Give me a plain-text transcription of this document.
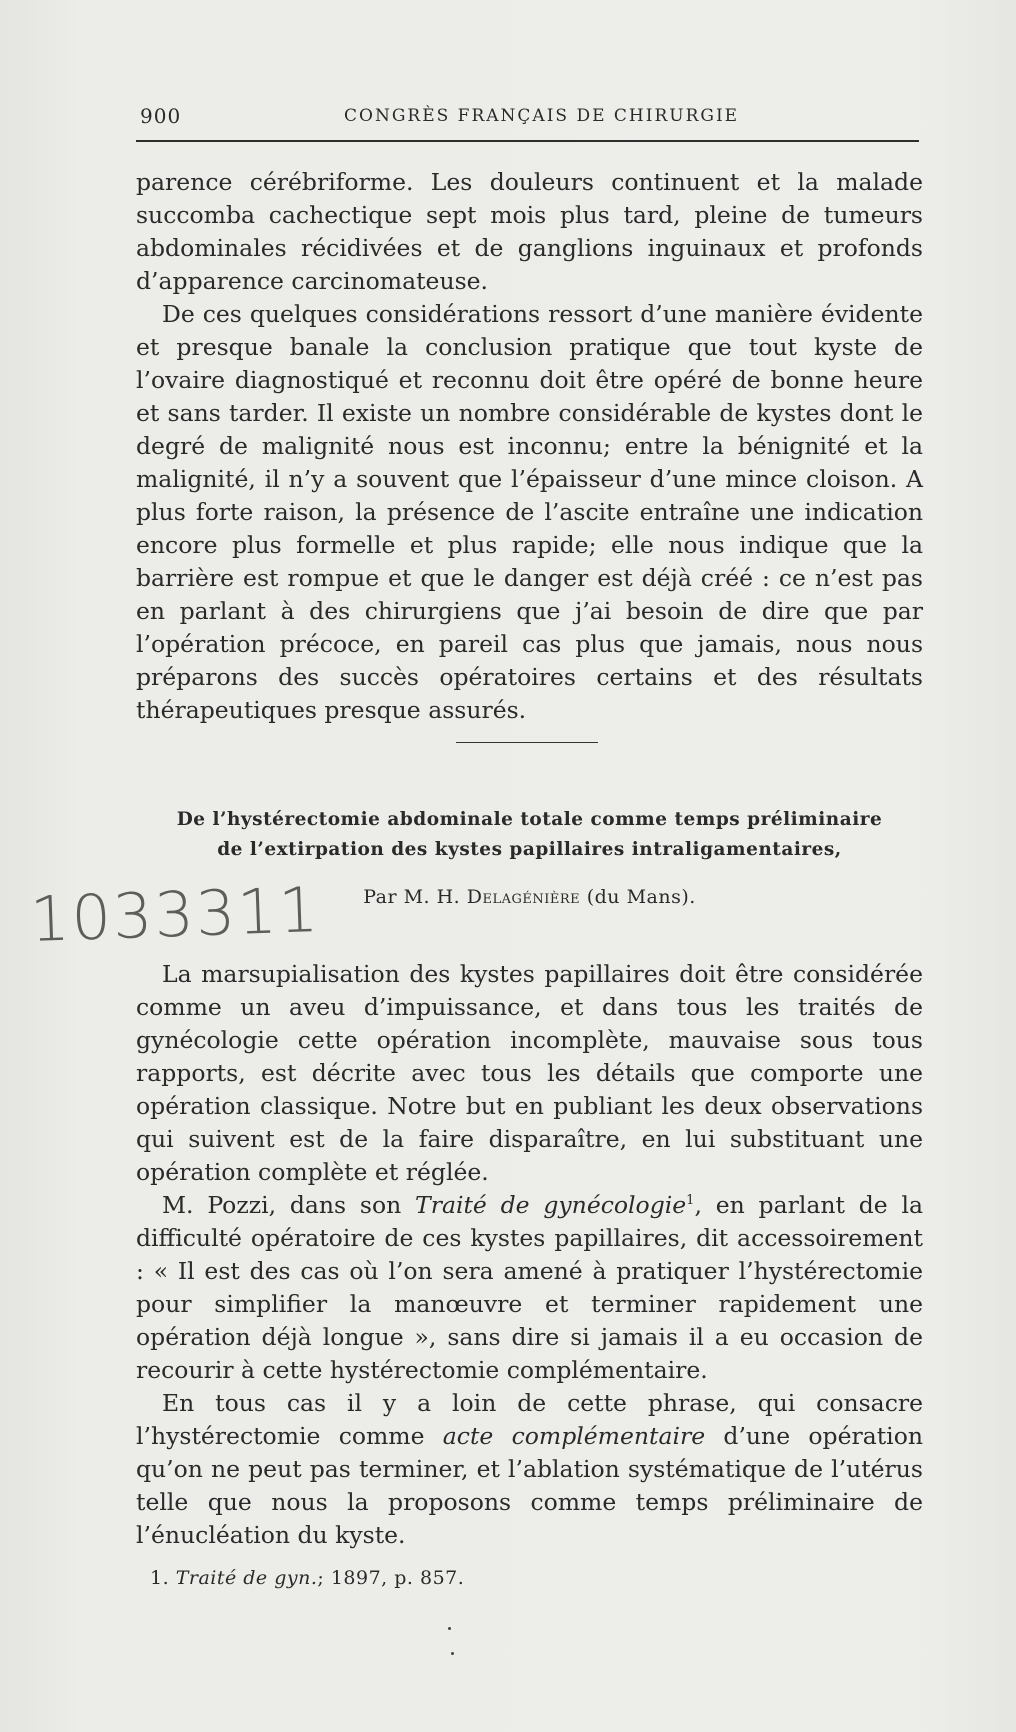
900	CONGRÈS FRANÇAIS DE CHIRURGIE

parence cérébriforme. Les douleurs continuent et la malade succomba cachectique sept mois plus tard, pleine de tumeurs abdominales récidivées et de ganglions inguinaux et profonds d’apparence carcinomateuse.

De ces quelques considérations ressort d’une manière évidente et presque banale la conclusion pratique que tout kyste de l’ovaire diagnostiqué et reconnu doit être opéré de bonne heure et sans tarder. Il existe un nombre considérable de kystes dont le degré de malignité nous est inconnu; entre la bénignité et la malignité, il n’y a souvent que l’épaisseur d’une mince cloison. A plus forte raison, la présence de l’ascite entraîne une indication encore plus formelle et plus rapide; elle nous indique que la barrière est rompue et que le danger est déjà créé : ce n’est pas en parlant à des chirurgiens que j’ai besoin de dire que par l’opération précoce, en pareil cas plus que jamais, nous nous préparons des succès opératoires certains et des résultats thérapeutiques presque assurés.

De l’hystérectomie abdominale totale comme temps préliminaire
de l’extirpation des kystes papillaires intraligamentaires,
Par M. H. Delagénière (du Mans).
1033311

La marsupialisation des kystes papillaires doit être considérée comme un aveu d’impuissance, et dans tous les traités de gynécologie cette opération incomplète, mauvaise sous tous rapports, est décrite avec tous les détails que comporte une opération classique. Notre but en publiant les deux observations qui suivent est de la faire disparaître, en lui substituant une opération complète et réglée.

M. Pozzi, dans son Traité de gynécologie$^1$, en parlant de la difficulté opératoire de ces kystes papillaires, dit accessoirement : « Il est des cas où l’on sera amené à pratiquer l’hystérectomie pour simplifier la manœuvre et terminer rapidement une opération déjà longue », sans dire si jamais il a eu occasion de recourir à cette hystérectomie complémentaire.

En tous cas il y a loin de cette phrase, qui consacre l’hystérectomie comme acte complémentaire d’une opération qu’on ne peut pas terminer, et l’ablation systématique de l’utérus telle que nous la proposons comme temps préliminaire de l’énucléation du kyste.

1. Traité de gyn.; 1897, p. 857.
